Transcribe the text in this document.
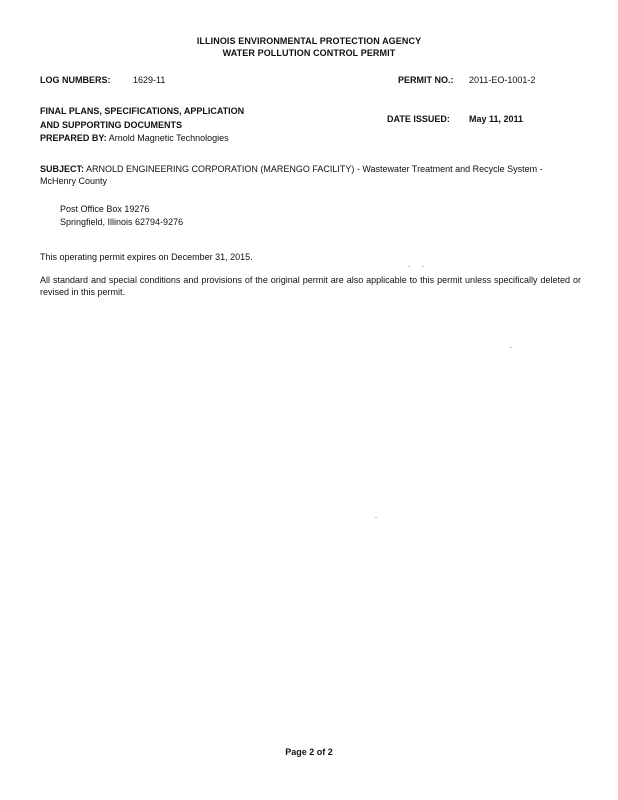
ILLINOIS ENVIRONMENTAL PROTECTION AGENCY
WATER POLLUTION CONTROL PERMIT
LOG NUMBERS:	1629-11	PERMIT NO.: 2011-EO-1001-2
FINAL PLANS, SPECIFICATIONS, APPLICATION
AND SUPPORTING DOCUMENTS
PREPARED BY: Arnold Magnetic Technologies
DATE ISSUED: May 11, 2011
SUBJECT: ARNOLD ENGINEERING CORPORATION (MARENGO FACILITY) - Wastewater Treatment and Recycle System - McHenry County
Post Office Box 19276
Springfield, Illinois 62794-9276
This operating permit expires on December 31, 2015.
All standard and special conditions and provisions of the original permit are also applicable to this permit unless specifically deleted or revised in this permit.
Page 2 of 2
